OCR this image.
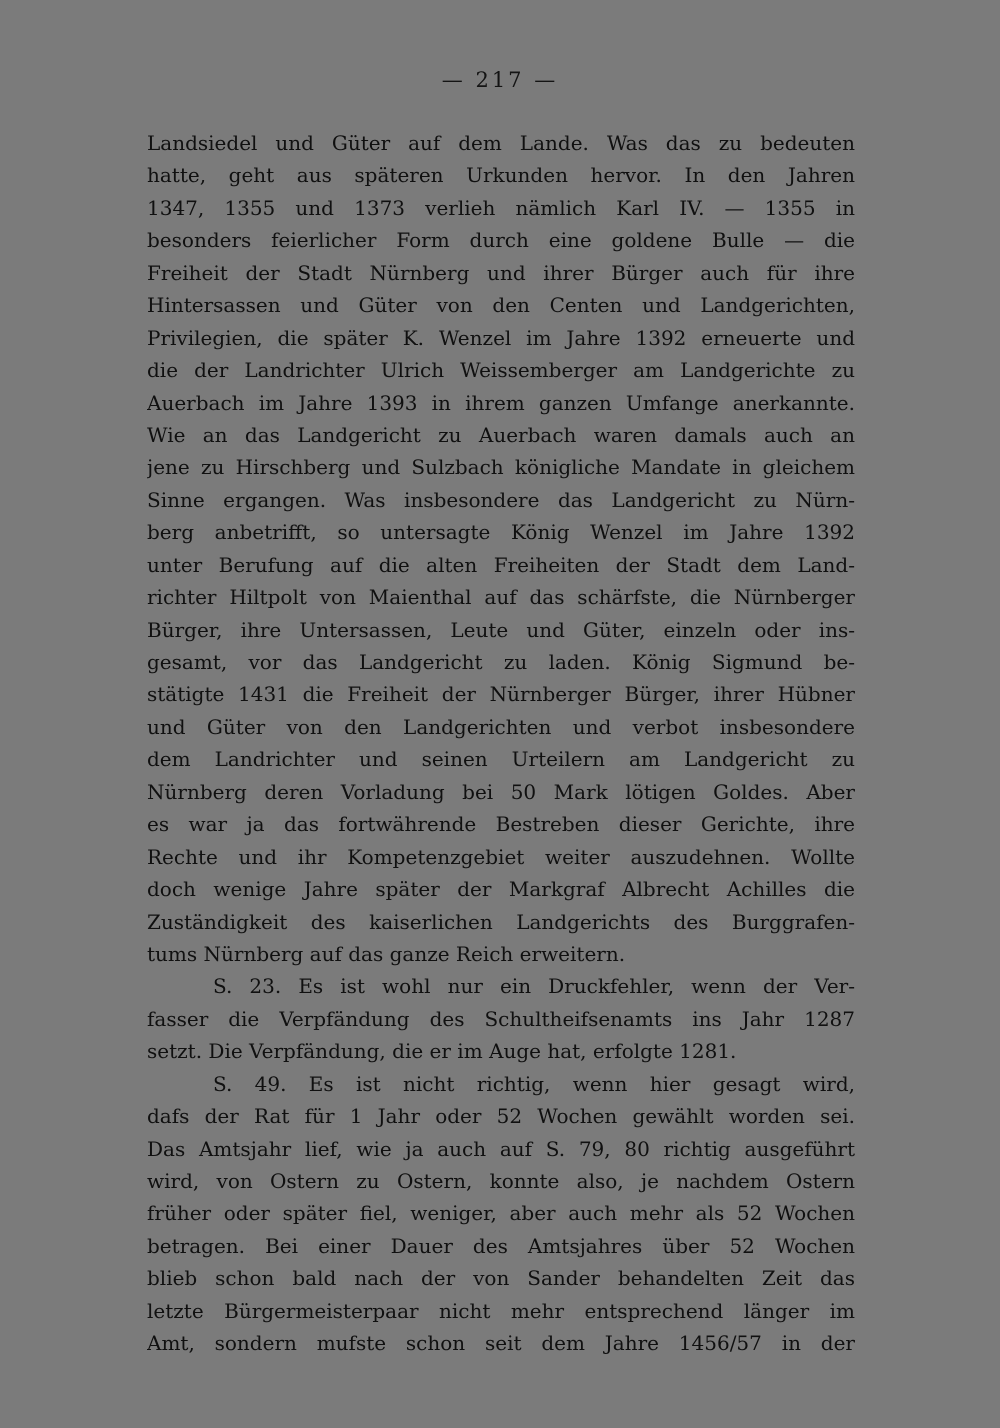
— 217 —
Landsiedel und Güter auf dem Lande. Was das zu bedeuten
hatte, geht aus späteren Urkunden hervor. In den Jahren
1347, 1355 und 1373 verlieh nämlich Karl IV. — 1355 in
besonders feierlicher Form durch eine goldene Bulle — die
Freiheit der Stadt Nürnberg und ihrer Bürger auch für ihre
Hintersassen und Güter von den Centen und Landgerichten,
Privilegien, die später K. Wenzel im Jahre 1392 erneuerte und
die der Landrichter Ulrich Weissemberger am Landgerichte zu
Auerbach im Jahre 1393 in ihrem ganzen Umfange anerkannte.
Wie an das Landgericht zu Auerbach waren damals auch an
jene zu Hirschberg und Sulzbach königliche Mandate in gleichem
Sinne ergangen. Was insbesondere das Landgericht zu Nürn-
berg anbetrifft, so untersagte König Wenzel im Jahre 1392
unter Berufung auf die alten Freiheiten der Stadt dem Land-
richter Hiltpolt von Maienthal auf das schärfste, die Nürnberger
Bürger, ihre Untersassen, Leute und Güter, einzeln oder ins-
gesamt, vor das Landgericht zu laden. König Sigmund be-
stätigte 1431 die Freiheit der Nürnberger Bürger, ihrer Hübner
und Güter von den Landgerichten und verbot insbesondere
dem Landrichter und seinen Urteilern am Landgericht zu
Nürnberg deren Vorladung bei 50 Mark lötigen Goldes. Aber
es war ja das fortwährende Bestreben dieser Gerichte, ihre
Rechte und ihr Kompetenzgebiet weiter auszudehnen. Wollte
doch wenige Jahre später der Markgraf Albrecht Achilles die
Zuständigkeit des kaiserlichen Landgerichts des Burggrafen-
tums Nürnberg auf das ganze Reich erweitern.
S. 23. Es ist wohl nur ein Druckfehler, wenn der Ver-
fasser die Verpfändung des Schultheifsenamts ins Jahr 1287
setzt. Die Verpfändung, die er im Auge hat, erfolgte 1281.
S. 49. Es ist nicht richtig, wenn hier gesagt wird,
dafs der Rat für 1 Jahr oder 52 Wochen gewählt worden sei.
Das Amtsjahr lief, wie ja auch auf S. 79, 80 richtig ausgeführt
wird, von Ostern zu Ostern, konnte also, je nachdem Ostern
früher oder später fiel, weniger, aber auch mehr als 52 Wochen
betragen. Bei einer Dauer des Amtsjahres über 52 Wochen
blieb schon bald nach der von Sander behandelten Zeit das
letzte Bürgermeisterpaar nicht mehr entsprechend länger im
Amt, sondern mufste schon seit dem Jahre 1456/57 in der
